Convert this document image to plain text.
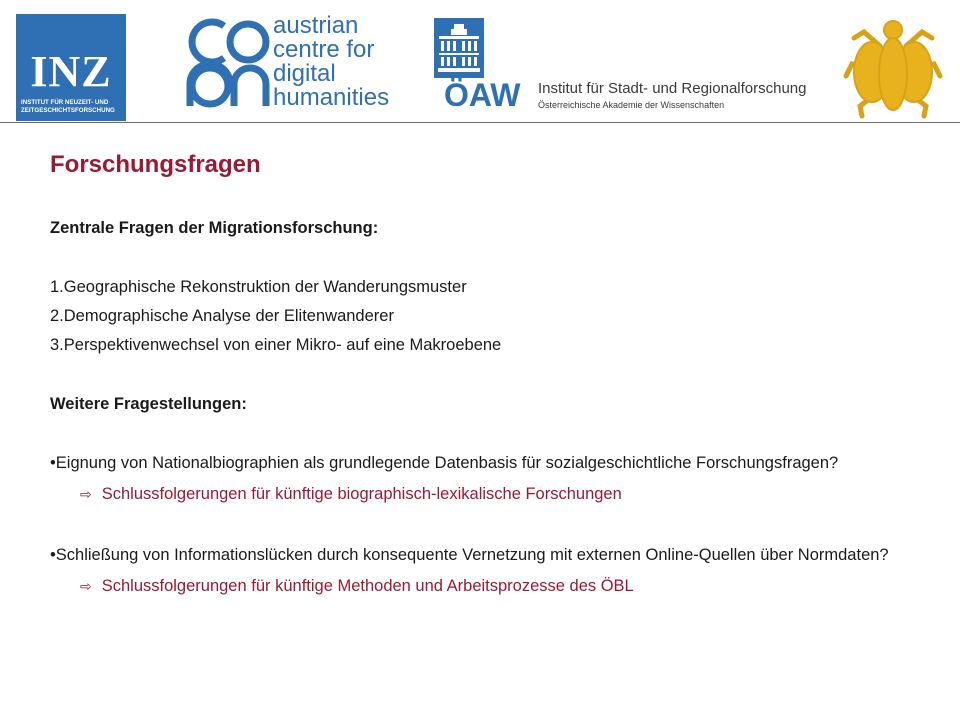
INZ
INSTITUT FÜR NEUZEIT- UND
ZEITGESCHICHTSFORSCHUNG
austrian
centre for
digital
humanities ÖAW Institut für Stadt- und Regionalforschung
Österreichische Akademie der Wissenschaften
Forschungsfragen
Zentrale Fragen der Migrationsforschung:
1.Geographische Rekonstruktion der Wanderungsmuster
2.Demographische Analyse der Elitenwanderer
3.Perspektivenwechsel von einer Mikro- auf eine Makroebene
Weitere Fragestellungen:
•Eignung von Nationalbiographien als grundlegende Datenbasis für sozialgeschichtliche Forschungsfragen?
⇨ Schlussfolgerungen für künftige biographisch-lexikalische Forschungen
•Schließung von Informationslücken durch konsequente Vernetzung mit externen Online-Quellen über Normdaten?
⇨ Schlussfolgerungen für künftige Methoden und Arbeitsprozesse des ÖBL
